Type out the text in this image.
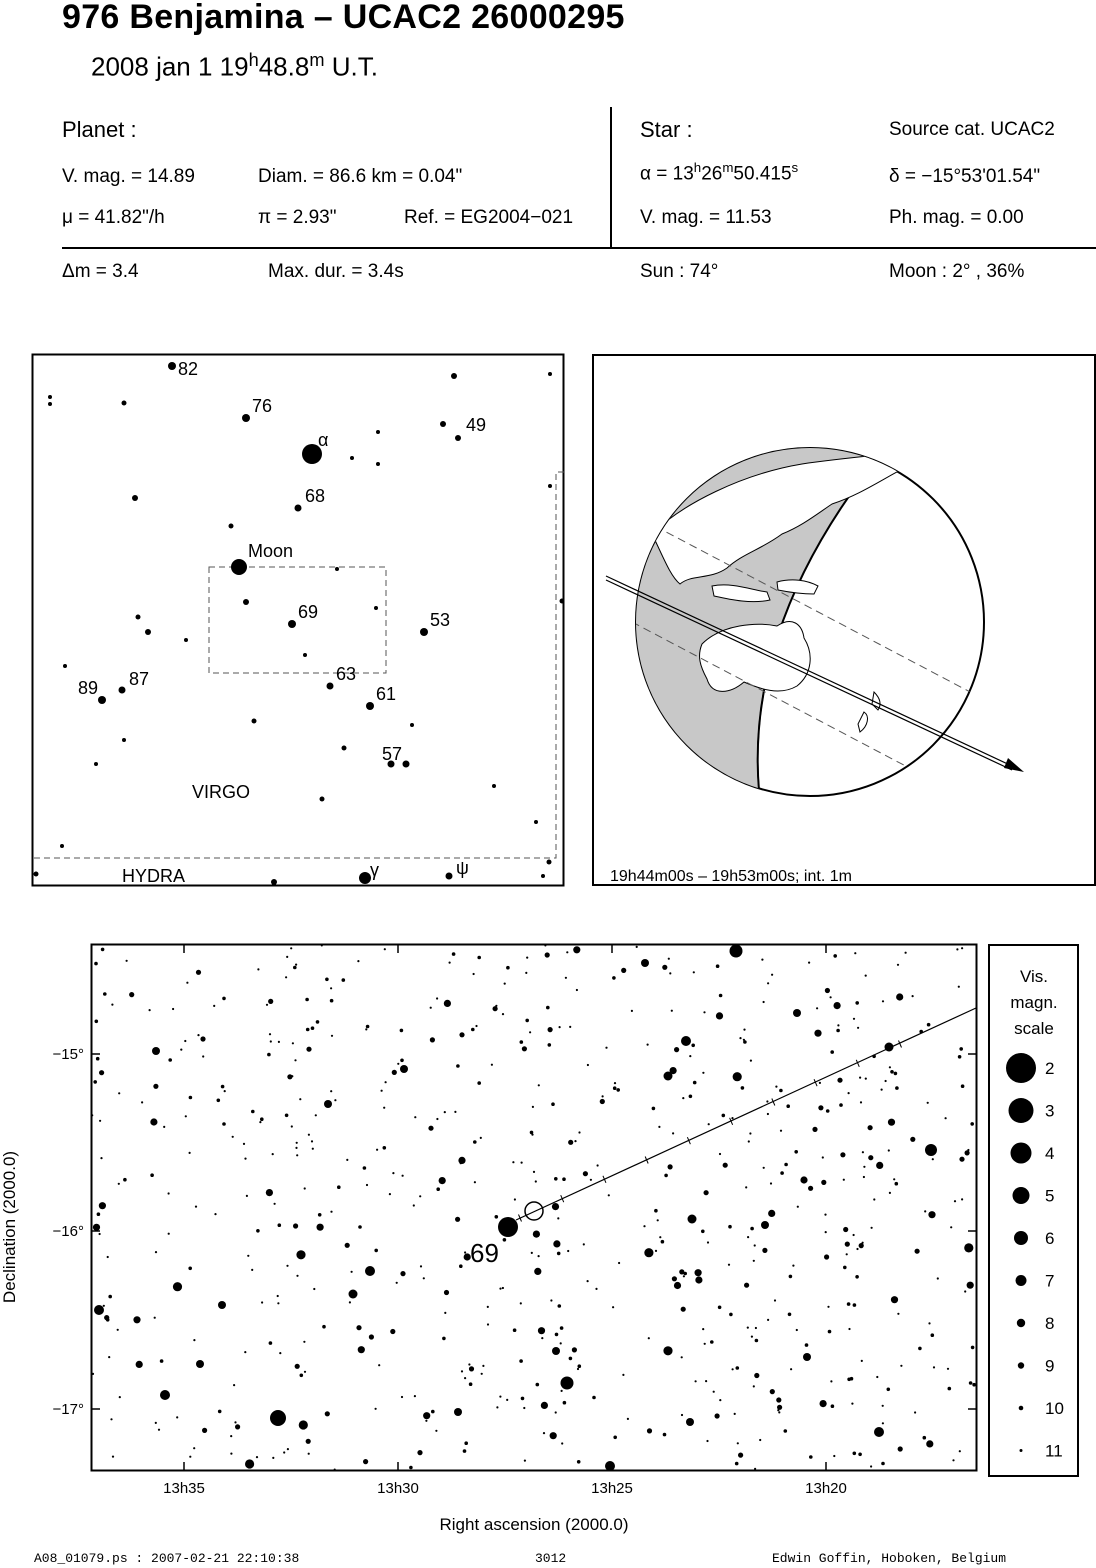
976 Benjamina – UCAC2 26000295
2008 jan 1 19$^h$48.8$^m$ U.T.
Planet :
V. mag. = 14.89	Diam. = 86.6 km = 0.04"
μ = 41.82"/h	π = 2.93"	Ref. = EG2004−021
Star :	Source cat. UCAC2
$\alpha = 13^h26^m50.415^s$	δ = −15°53'01.54"
V. mag. = 11.53	Ph. mag. = 0.00
Δm = 3.4	Max. dur. = 3.4s	Sun : 74°	Moon : 2° , 36%
82
76
α
49
68
Moon
69	53
63
87
89	61
57
VIRGO
HYDRA	γ	ψ	19h44m00s – 19h53m00s; int. 1m
69
13h35	13h30	13h25	13h20
−15°
−16°
−17°
Right ascension (2000.0)
Declination (2000.0)
Vis.
magn.
scale
2
3
4
5
6
7
8
9
10
11
A08_01079.ps : 2007-02-21 22:10:38	3012	Edwin Goffin, Hoboken, Belgium
